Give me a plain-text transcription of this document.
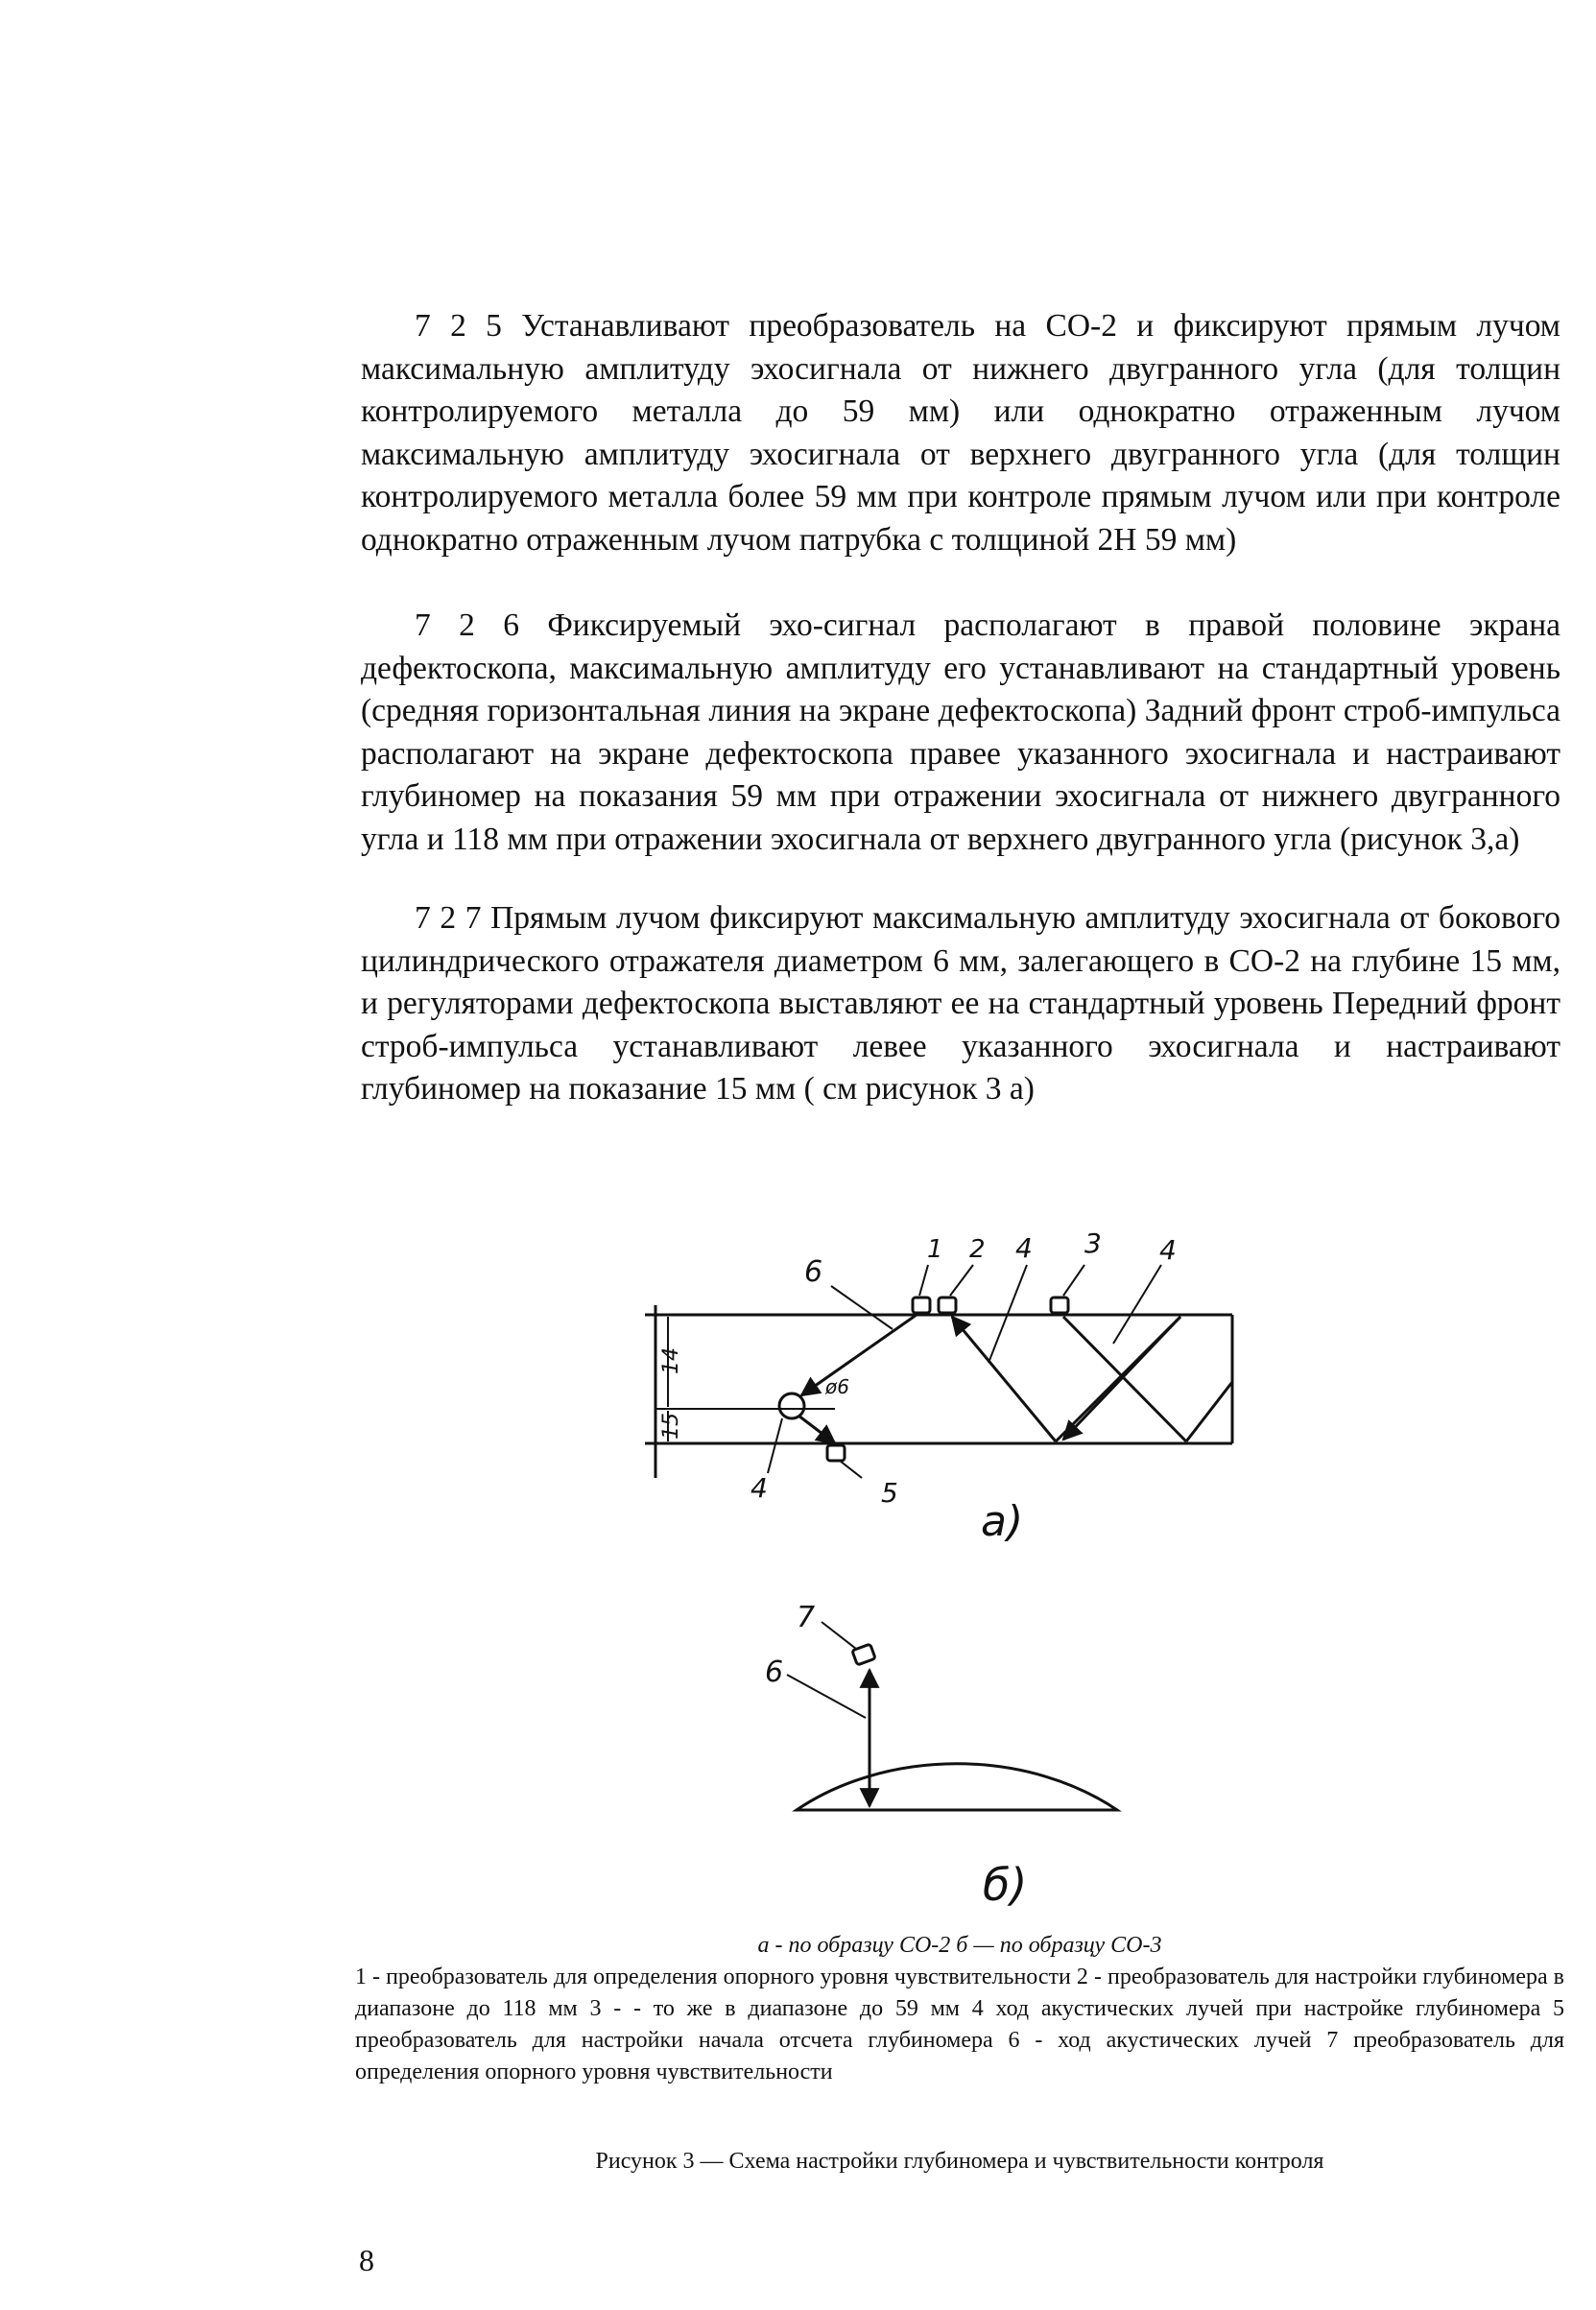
7 2 5 Устанавливают преобразователь на СО-2 и фиксируют прямым лучом максимальную амплитуду эхосигнала от нижнего двугранного угла (для толщин контролируемого металла до 59 мм) или однократно отраженным лучом максимальную амплитуду эхосигнала от верхнего двугранного угла (для толщин контролируемого металла более 59 мм при контроле прямым лучом или при контроле однократно отраженным лучом патрубка с толщиной 2Н 59 мм)

7 2 6 Фиксируемый эхо-сигнал располагают в правой половине экрана дефектоскопа, максимальную амплитуду его устанавливают на стандартный уровень (средняя горизонтальная линия на экране дефектоскопа) Задний фронт строб-импульса располагают на экране дефектоскопа правее указанного эхосигнала и настраивают глубиномер на показания 59 мм при отражении эхосигнала от нижнего двугранного угла и 118 мм при отражении эхосигнала от верхнего двугранного угла (рисунок 3,а)

7 2 7 Прямым лучом фиксируют максимальную амплитуду эхосигнала от бокового цилиндрического отражателя диаметром 6 мм, залегающего в СО-2 на глубине 15 мм, и регуляторами дефектоскопа выставляют ее на стандартный уровень Передний фронт строб-импульса устанавливают левее указанного эхосигнала и настраивают глубиномер на показание 15 мм ( см рисунок 3 а)

6
1 2 4 3 4
4	5
14
15
ø6
а)
7
6
б)

а - по образцу СО-2 б — по образцу СО-3

1 - преобразователь для определения опорного уровня чувствительности 2 - преобразователь для настройки глубиномера в диапазоне до 118 мм 3 - - то же в диапазоне до 59 мм 4 ход акустических лучей при настройке глубиномера 5 преобразователь для настройки начала отсчета глубиномера 6 - ход акустических лучей 7 преобразователь для определения опорного уровня чувствительности

Рисунок 3 — Схема настройки глубиномера и чувствительности контроля

8
